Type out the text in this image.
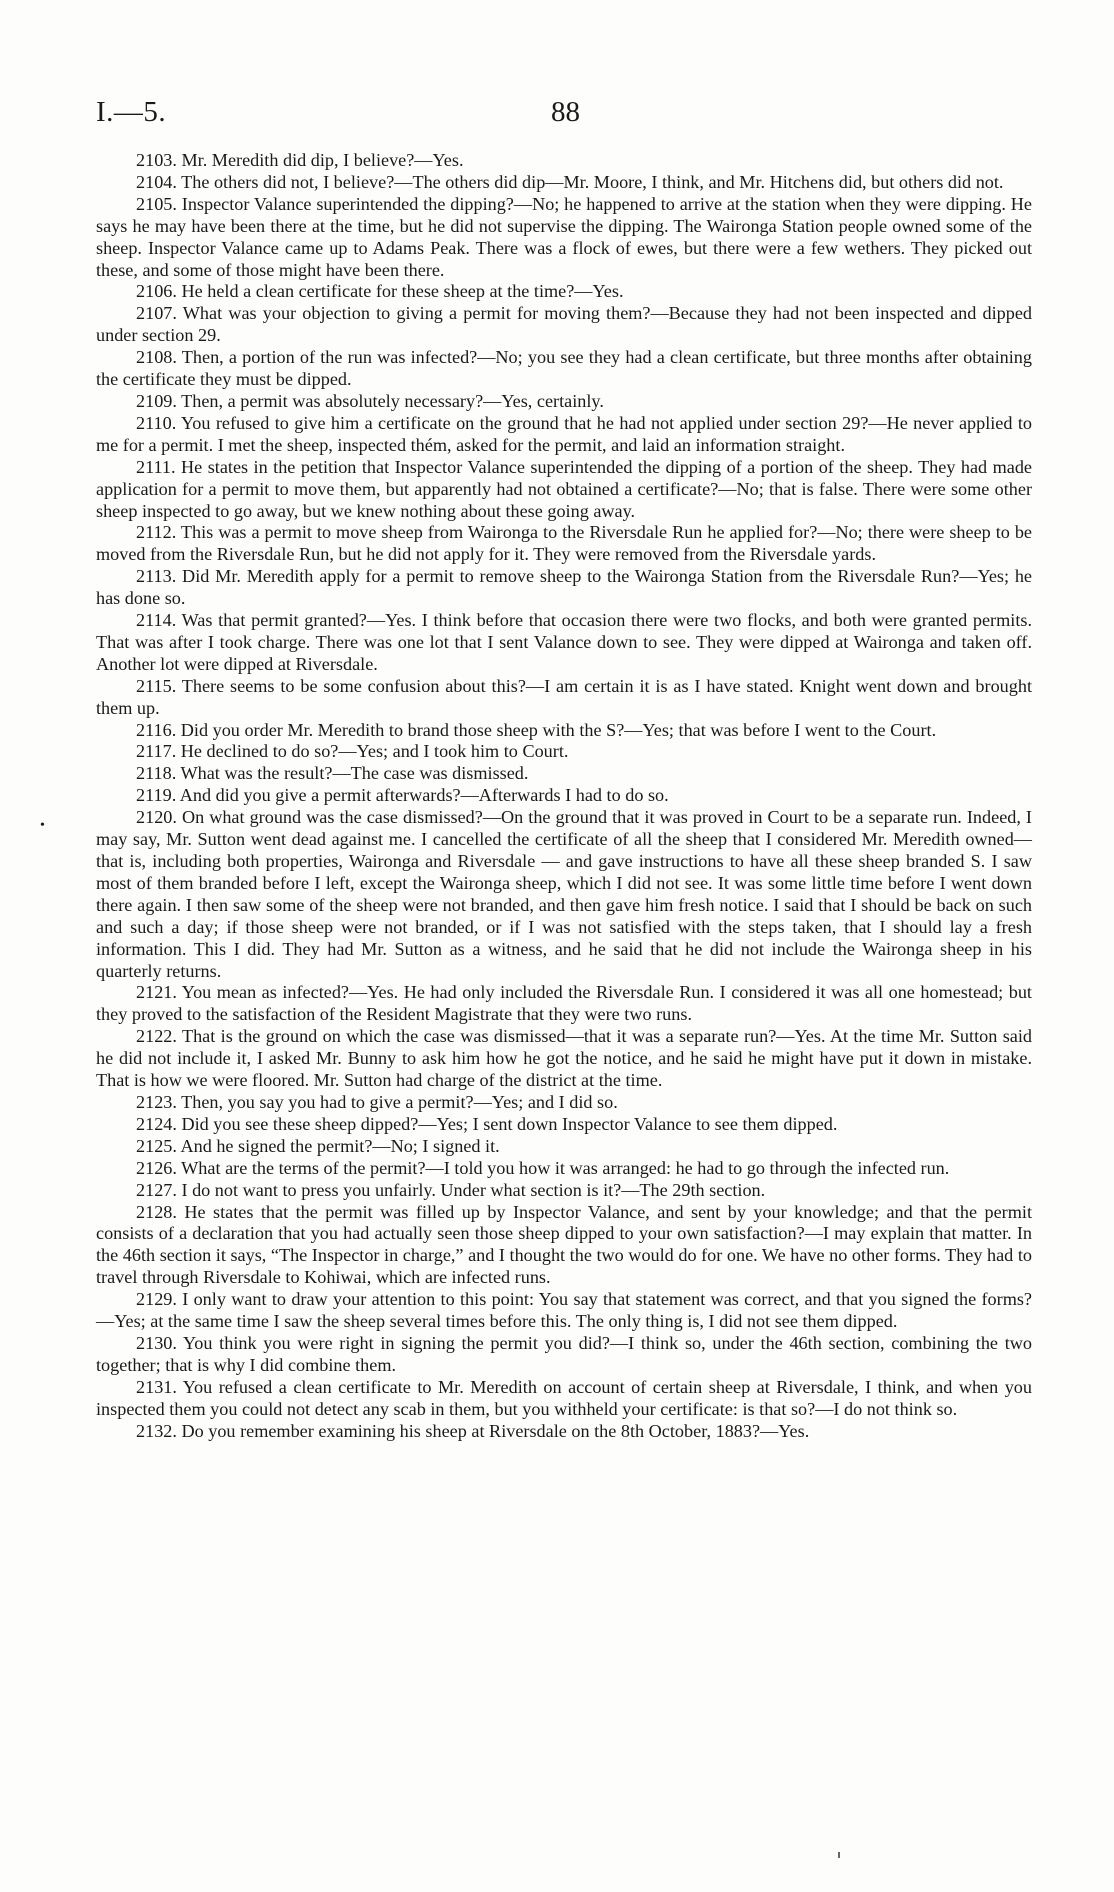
I.—5.	88
•

2103. Mr. Meredith did dip, I believe?—Yes.

2104. The others did not, I believe?—The others did dip—Mr. Moore, I think, and Mr. Hitchens did, but others did not.

2105. Inspector Valance superintended the dipping?—No; he happened to arrive at the station when they were dipping. He says he may have been there at the time, but he did not supervise the dipping. The Waironga Station people owned some of the sheep. Inspector Valance came up to Adams Peak. There was a flock of ewes, but there were a few wethers. They picked out these, and some of those might have been there.

2106. He held a clean certificate for these sheep at the time?—Yes.

2107. What was your objection to giving a permit for moving them?—Because they had not been inspected and dipped under section 29.

2108. Then, a portion of the run was infected?—No; you see they had a clean certificate, but three months after obtaining the certificate they must be dipped.

2109. Then, a permit was absolutely necessary?—Yes, certainly.

2110. You refused to give him a certificate on the ground that he had not applied under section 29?—He never applied to me for a permit. I met the sheep, inspected thém, asked for the permit, and laid an information straight.

2111. He states in the petition that Inspector Valance superintended the dipping of a portion of the sheep. They had made application for a permit to move them, but apparently had not obtained a certificate?—No; that is false. There were some other sheep inspected to go away, but we knew nothing about these going away.

2112. This was a permit to move sheep from Waironga to the Riversdale Run he applied for?—No; there were sheep to be moved from the Riversdale Run, but he did not apply for it. They were removed from the Riversdale yards.

2113. Did Mr. Meredith apply for a permit to remove sheep to the Waironga Station from the Riversdale Run?—Yes; he has done so.

2114. Was that permit granted?—Yes. I think before that occasion there were two flocks, and both were granted permits. That was after I took charge. There was one lot that I sent Valance down to see. They were dipped at Waironga and taken off. Another lot were dipped at Riversdale.

2115. There seems to be some confusion about this?—I am certain it is as I have stated. Knight went down and brought them up.

2116. Did you order Mr. Meredith to brand those sheep with the S?—Yes; that was before I went to the Court.

2117. He declined to do so?—Yes; and I took him to Court.

2118. What was the result?—The case was dismissed.

2119. And did you give a permit afterwards?—Afterwards I had to do so.

2120. On what ground was the case dismissed?—On the ground that it was proved in Court to be a separate run. Indeed, I may say, Mr. Sutton went dead against me. I cancelled the certificate of all the sheep that I considered Mr. Meredith owned—that is, including both properties, Waironga and Riversdale — and gave instructions to have all these sheep branded S. I saw most of them branded before I left, except the Waironga sheep, which I did not see. It was some little time before I went down there again. I then saw some of the sheep were not branded, and then gave him fresh notice. I said that I should be back on such and such a day; if those sheep were not branded, or if I was not satisfied with the steps taken, that I should lay a fresh information. This I did. They had Mr. Sutton as a witness, and he said that he did not include the Waironga sheep in his quarterly returns.

2121. You mean as infected?—Yes. He had only included the Riversdale Run. I considered it was all one homestead; but they proved to the satisfaction of the Resident Magistrate that they were two runs.

2122. That is the ground on which the case was dismissed—that it was a separate run?—Yes. At the time Mr. Sutton said he did not include it, I asked Mr. Bunny to ask him how he got the notice, and he said he might have put it down in mistake. That is how we were floored. Mr. Sutton had charge of the district at the time.

2123. Then, you say you had to give a permit?—Yes; and I did so.

2124. Did you see these sheep dipped?—Yes; I sent down Inspector Valance to see them dipped.

2125. And he signed the permit?—No; I signed it.

2126. What are the terms of the permit?—I told you how it was arranged: he had to go through the infected run.

2127. I do not want to press you unfairly. Under what section is it?—The 29th section.

2128. He states that the permit was filled up by Inspector Valance, and sent by your knowledge; and that the permit consists of a declaration that you had actually seen those sheep dipped to your own satisfaction?—I may explain that matter. In the 46th section it says, “The Inspector in charge,” and I thought the two would do for one. We have no other forms. They had to travel through Riversdale to Kohiwai, which are infected runs.

2129. I only want to draw your attention to this point: You say that statement was correct, and that you signed the forms?—Yes; at the same time I saw the sheep several times before this. The only thing is, I did not see them dipped.

2130. You think you were right in signing the permit you did?—I think so, under the 46th section, combining the two together; that is why I did combine them.

2131. You refused a clean certificate to Mr. Meredith on account of certain sheep at Riversdale, I think, and when you inspected them you could not detect any scab in them, but you withheld your certificate: is that so?—I do not think so.

2132. Do you remember examining his sheep at Riversdale on the 8th October, 1883?—Yes.
